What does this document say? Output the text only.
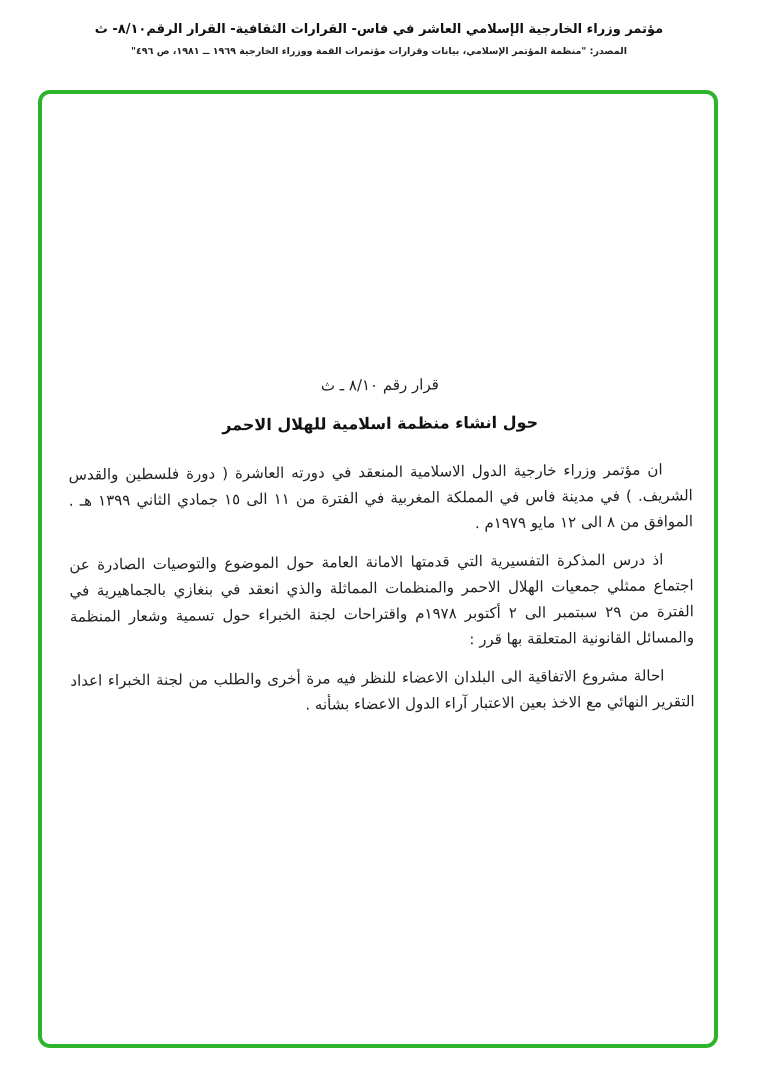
مؤتمر وزراء الخارجية الإسلامي العاشر في فاس- القرارات الثقافية- القرار الرقم٨/١٠- ث
المصدر: "منظمة المؤتمر الإسلامي، بيانات وقرارات مؤتمرات القمة ووزراء الخارجية ١٩٦٩ ــ ١٩٨١، ص ٤٩٦"
قرار رقم ٨/١٠ ـ ث
حول انشاء منظمة اسلامية للهلال الاحمر

ان مؤتمر وزراء خارجية الدول الاسلامية المنعقد في دورته العاشرة ( دورة فلسطين والقدس الشريف. ) في مدينة فاس في المملكة المغربية في الفترة من ١١ الى ١٥ جمادي الثاني ١٣٩٩ هـ . الموافق من ٨ الى ١٢ مايو ١٩٧٩م .

اذ درس المذكرة التفسيرية التي قدمتها الامانة العامة حول الموضوع والتوصيات الصادرة عن اجتماع ممثلي جمعيات الهلال الاحمر والمنظمات المماثلة والذي انعقد في بنغازي بالجماهيرية في الفترة من ٢٩ سبتمبر الى ٢ أكتوبر ١٩٧٨م واقتراحات لجنة الخبراء حول تسمية وشعار المنظمة والمسائل القانونية المتعلقة بها قرر :

احالة مشروع الاتفاقية الى البلدان الاعضاء للنظر فيه مرة أخرى والطلب من لجنة الخبراء اعداد التقرير النهائي مع الاخذ بعين الاعتبار آراء الدول الاعضاء بشأنه .
